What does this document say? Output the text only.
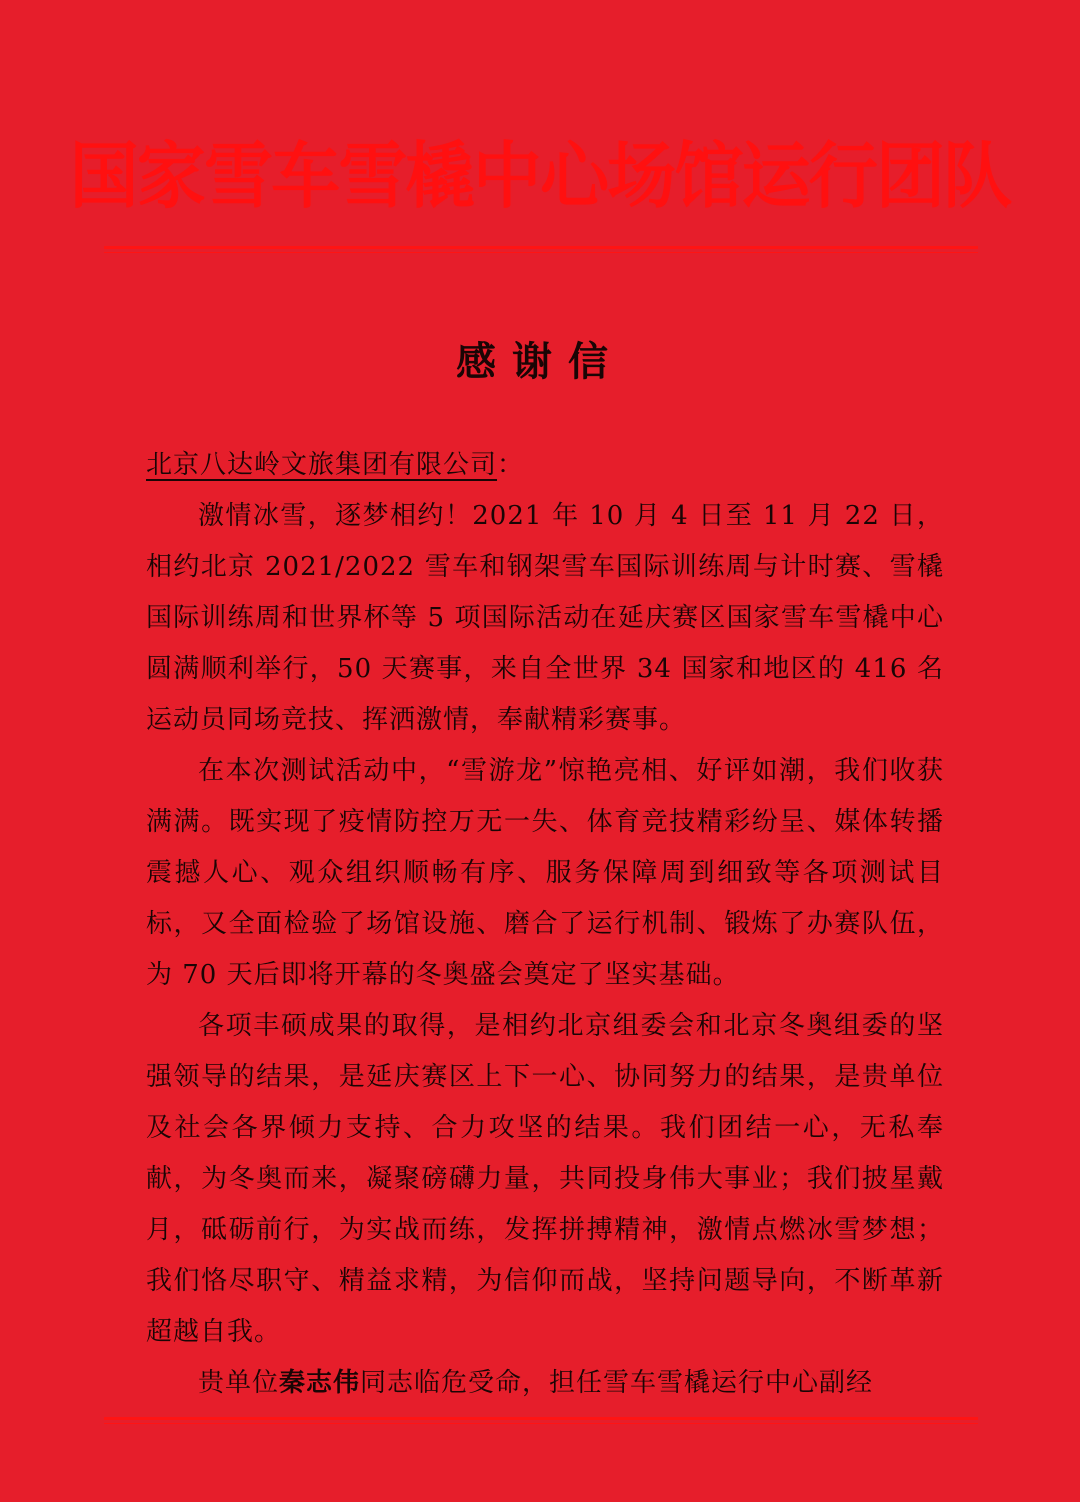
国家雪车雪橇中心场馆运行团队
感谢信

北京八达岭文旅集团有限公司：

激情冰雪，逐梦相约！2021 年 10 月 4 日至 11 月 22 日，相约北京 2021/2022 雪车和钢架雪车国际训练周与计时赛、雪橇国际训练周和世界杯等 5 项国际活动在延庆赛区国家雪车雪橇中心圆满顺利举行，50 天赛事，来自全世界 34 国家和地区的 416 名运动员同场竞技、挥洒激情，奉献精彩赛事。

在本次测试活动中，“雪游龙”惊艳亮相、好评如潮，我们收获满满。既实现了疫情防控万无一失、体育竞技精彩纷呈、媒体转播震撼人心、观众组织顺畅有序、服务保障周到细致等各项测试目标，又全面检验了场馆设施、磨合了运行机制、锻炼了办赛队伍，为 70 天后即将开幕的冬奥盛会奠定了坚实基础。

各项丰硕成果的取得，是相约北京组委会和北京冬奥组委的坚强领导的结果，是延庆赛区上下一心、协同努力的结果，是贵单位及社会各界倾力支持、合力攻坚的结果。我们团结一心，无私奉献，为冬奥而来，凝聚磅礴力量，共同投身伟大事业；我们披星戴月，砥砺前行，为实战而练，发挥拼搏精神，激情点燃冰雪梦想；我们恪尽职守、精益求精，为信仰而战，坚持问题导向，不断革新超越自我。

贵单位秦志伟同志临危受命，担任雪车雪橇运行中心副经
